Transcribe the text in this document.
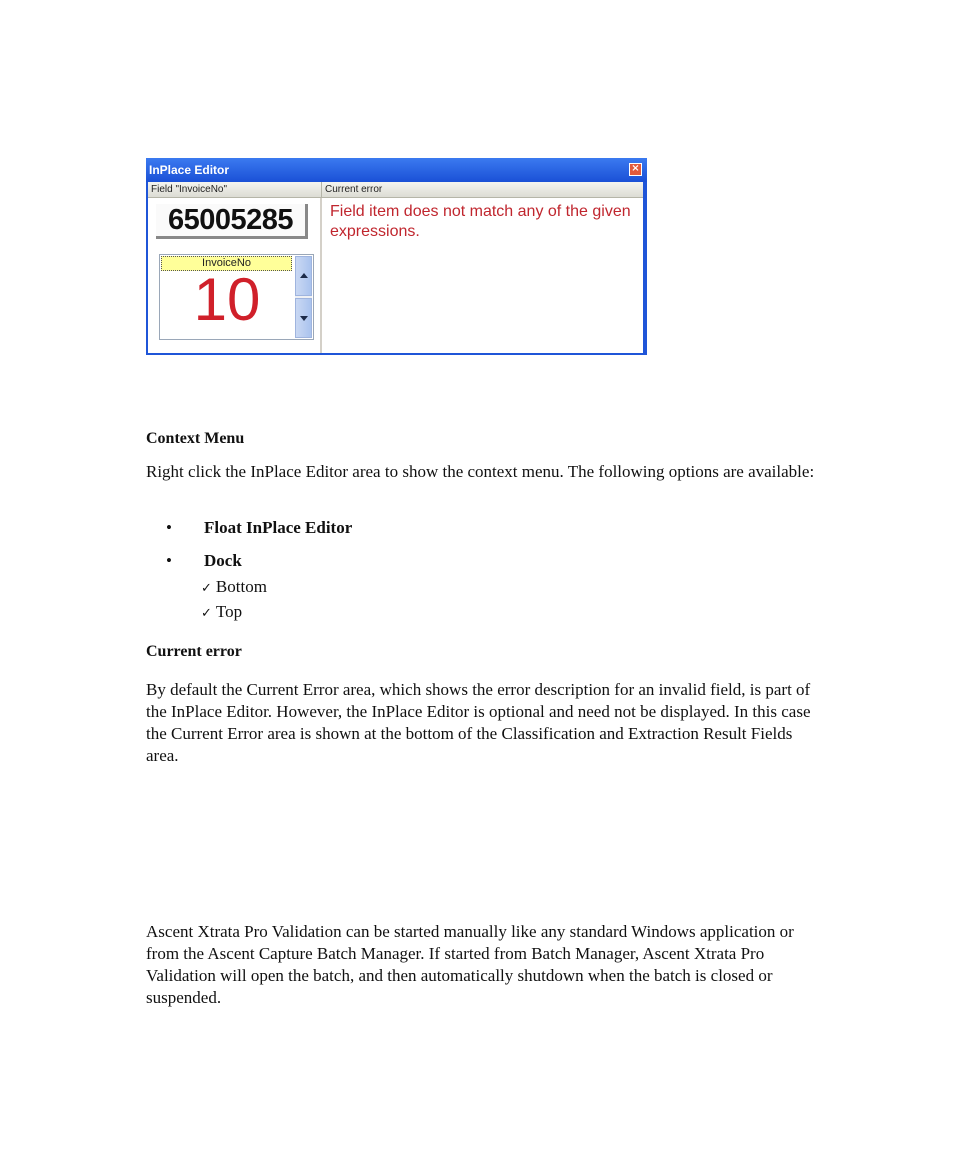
InPlace Editor	×
Field "InvoiceNo"	Current error
65005285
InvoiceNo
10
Field item does not match any of the given expressions.
Context Menu

Right click the InPlace Editor area to show the context menu. The following options are available:

• Float InPlace Editor
• Dock
✓ Bottom
✓ Top
Current error

By default the Current Error area, which shows the error description for an invalid field, is part of the InPlace Editor. However, the InPlace Editor is optional and need not be displayed. In this case the Current Error area is shown at the bottom of the Classification and Extraction Result Fields area.

Ascent Xtrata Pro Validation can be started manually like any standard Windows application or from the Ascent Capture Batch Manager. If started from Batch Manager, Ascent Xtrata Pro Validation will open the batch, and then automatically shutdown when the batch is closed or suspended.
